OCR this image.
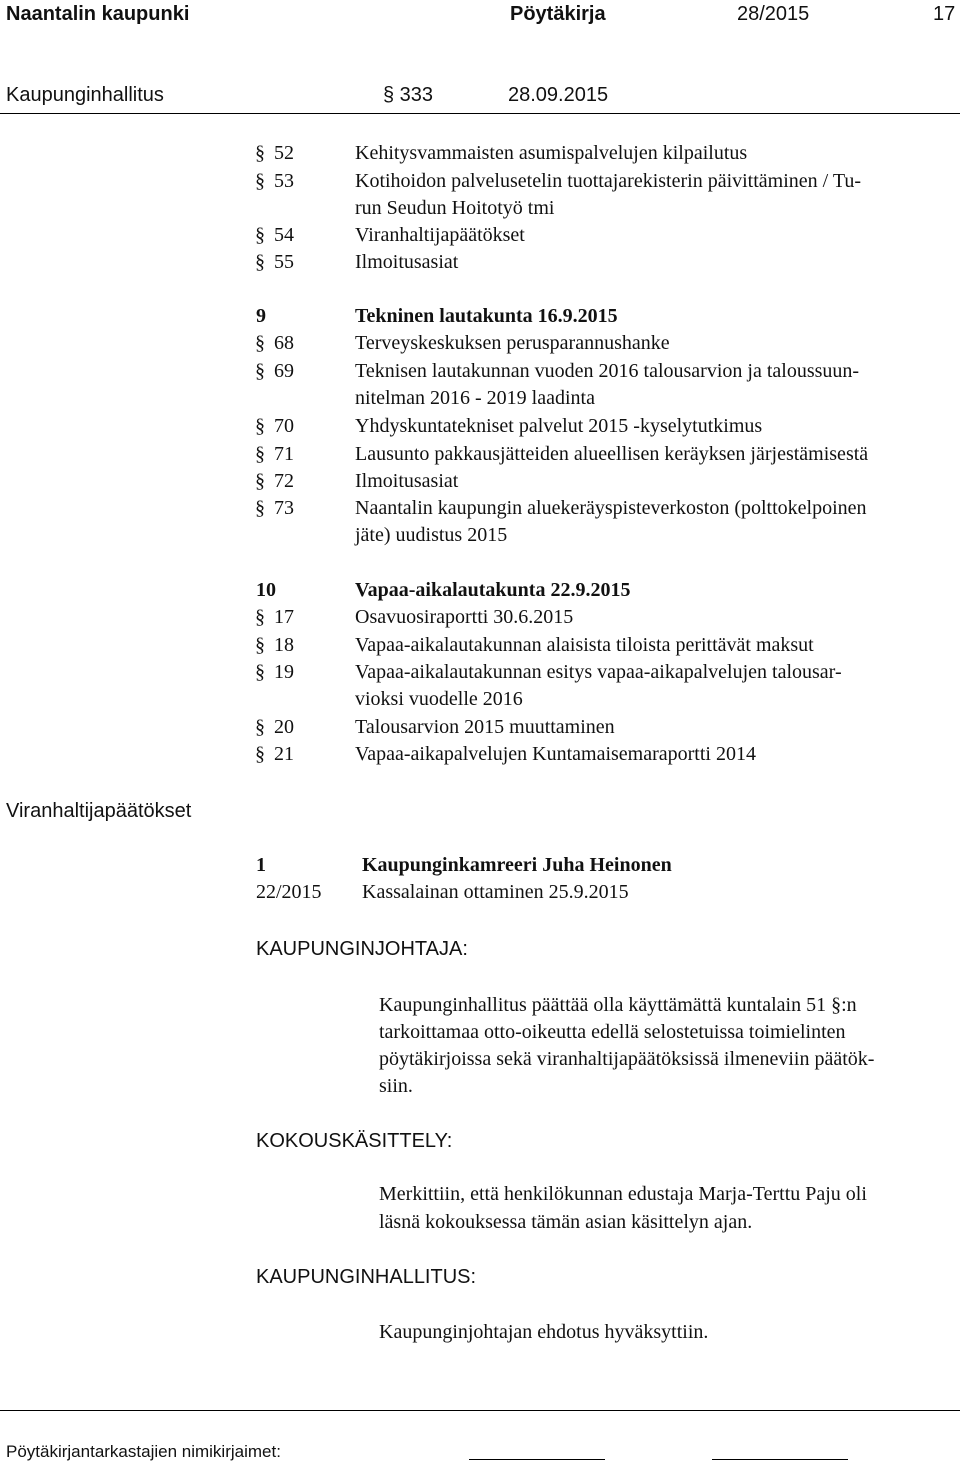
Naantalin kaupunki	Pöytäkirja	28/2015	17
Kaupunginhallitus	§ 333	28.09.2015
§ 52	Kehitysvammaisten asumispalvelujen kilpailutus
§ 53	Kotihoidon palvelusetelin tuottajarekisterin päivittäminen / Tu-
run Seudun Hoitotyö tmi
§ 54	Viranhaltijapäätökset
§ 55	Ilmoitusasiat
9	Tekninen lautakunta 16.9.2015
§ 68	Terveyskeskuksen perusparannushanke
§ 69	Teknisen lautakunnan vuoden 2016 talousarvion ja taloussuun-
nitelman 2016 - 2019 laadinta
§ 70	Yhdyskuntatekniset palvelut 2015 -kyselytutkimus
§ 71	Lausunto pakkausjätteiden alueellisen keräyksen järjestämisestä
§ 72	Ilmoitusasiat
§ 73	Naantalin kaupungin aluekeräyspisteverkoston (polttokelpoinen
jäte) uudistus 2015
10	Vapaa-aikalautakunta 22.9.2015
§ 17	Osavuosiraportti 30.6.2015
§ 18	Vapaa-aikalautakunnan alaisista tiloista perittävät maksut
§ 19	Vapaa-aikalautakunnan esitys vapaa-aikapalvelujen talousar-
vioksi vuodelle 2016
§ 20	Talousarvion 2015 muuttaminen
§ 21	Vapaa-aikapalvelujen Kuntamaisemaraportti 2014
Viranhaltijapäätökset
1	Kaupunginkamreeri Juha Heinonen
22/2015 Kassalainan ottaminen 25.9.2015
KAUPUNGINJOHTAJA:
Kaupunginhallitus päättää olla käyttämättä kuntalain 51 §:n
tarkoittamaa otto-oikeutta edellä selostetuissa toimielinten
pöytäkirjoissa sekä viranhaltijapäätöksissä ilmeneviin päätök-
siin.
KOKOUSKÄSITTELY:
Merkittiin, että henkilökunnan edustaja Marja-Terttu Paju oli
läsnä kokouksessa tämän asian käsittelyn ajan.
KAUPUNGINHALLITUS:
Kaupunginjohtajan ehdotus hyväksyttiin.
Pöytäkirjantarkastajien nimikirjaimet:
